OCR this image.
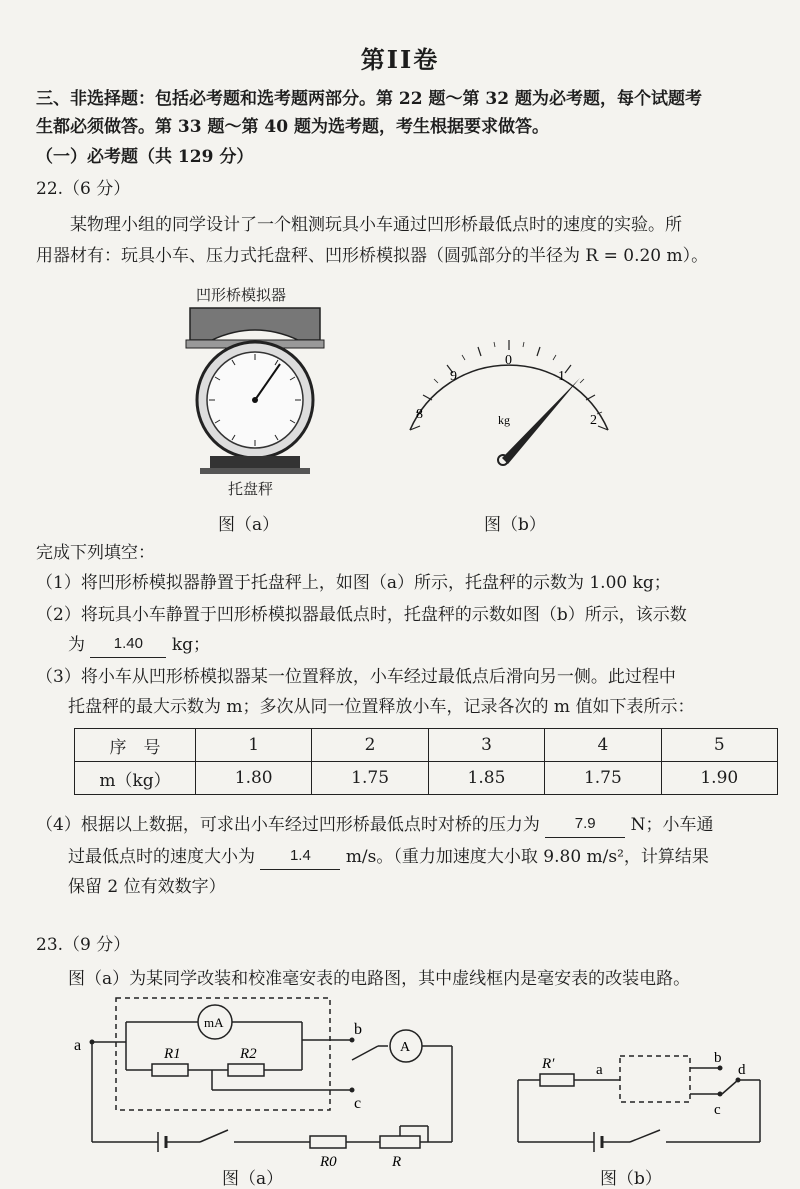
第II卷
三、非选择题：包括必考题和选考题两部分。第 22 题～第 32 题为必考题，每个试题考
生都必须做答。第 33 题～第 40 题为选考题，考生根据要求做答。
（一）必考题（共 129 分）
22.（6 分）
某物理小组的同学设计了一个粗测玩具小车通过凹形桥最低点时的速度的实验。所
用器材有：玩具小车、压力式托盘秤、凹形桥模拟器（圆弧部分的半径为 R = 0.20 m）。
凹形桥模拟器
托盘秤
图（a）
8
9
0
1
2
kg
图（b）
完成下列填空：
（1）将凹形桥模拟器静置于托盘秤上，如图（a）所示，托盘秤的示数为 1.00 kg；
（2）将玩具小车静置于凹形桥模拟器最低点时，托盘秤的示数如图（b）所示，该示数
为 1.40 kg；
（3）将小车从凹形桥模拟器某一位置释放，小车经过最低点后滑向另一侧。此过程中
托盘秤的最大示数为 m；多次从同一位置释放小车，记录各次的 m 值如下表所示：
序　号	1	2	3	4	5
m（kg）	1.80	1.75	1.85	1.75	1.90
（4）根据以上数据，可求出小车经过凹形桥最低点时对桥的压力为 7.9 N；小车通
过最低点时的速度大小为 1.4 m/s。（重力加速度大小取 9.80 m/s²，计算结果
保留 2 位有效数字）
23.（9 分）
图（a）为某同学改装和校准毫安表的电路图，其中虚线框内是毫安表的改装电路。
a
b
c
mA
A
R1	R2
R0	R
图（a）
R′	a
b
c
d
图（b）
